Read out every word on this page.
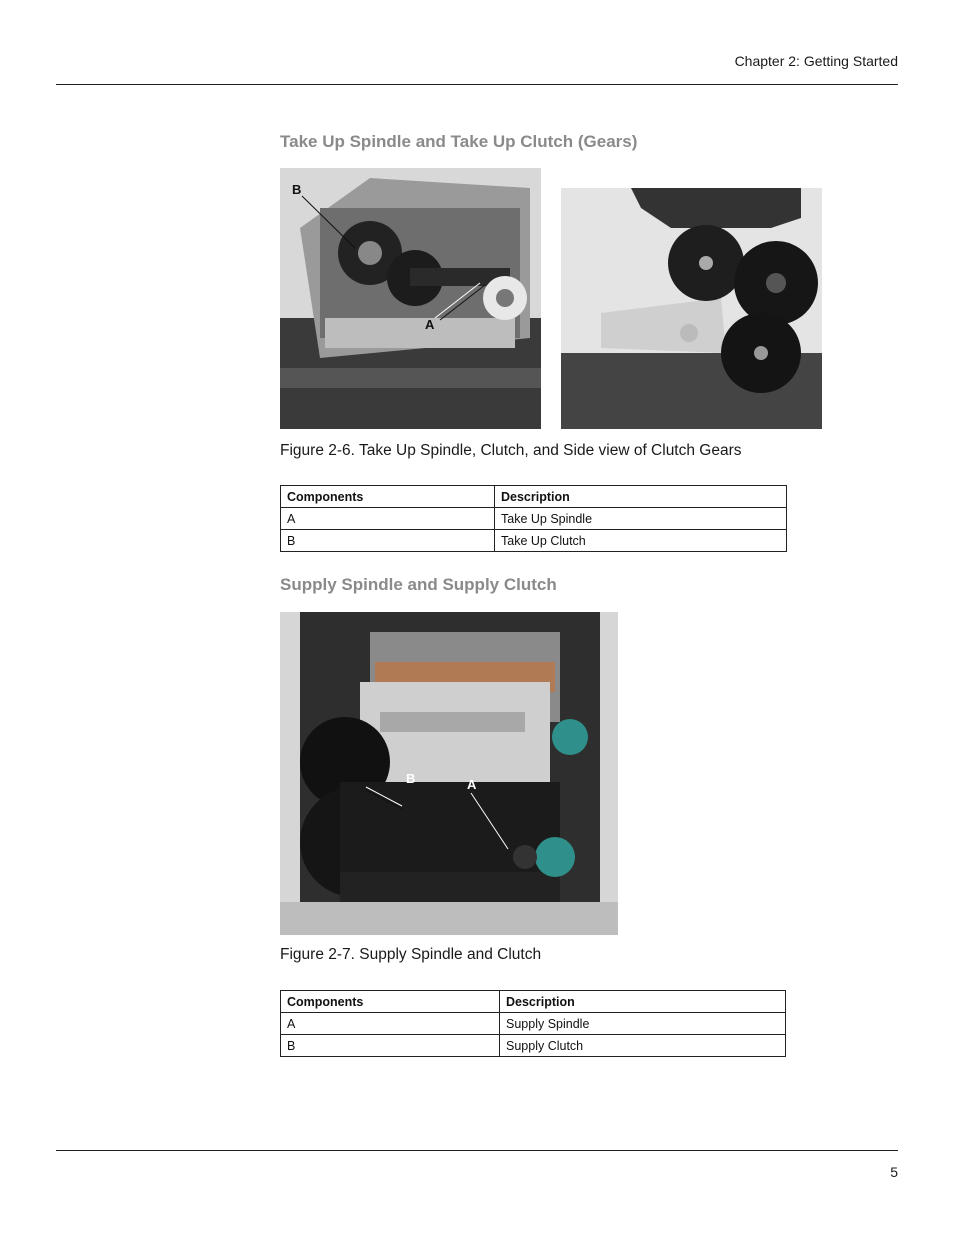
Chapter 2: Getting Started
Take Up Spindle and Take Up Clutch (Gears)
B
A
Figure 2-6. Take Up Spindle, Clutch, and Side view of Clutch Gears
Components	Description
A	Take Up Spindle
B	Take Up Clutch
Supply Spindle and Supply Clutch
B	A
Figure 2-7. Supply Spindle and Clutch
Components	Description
A	Supply Spindle
B	Supply Clutch
5
